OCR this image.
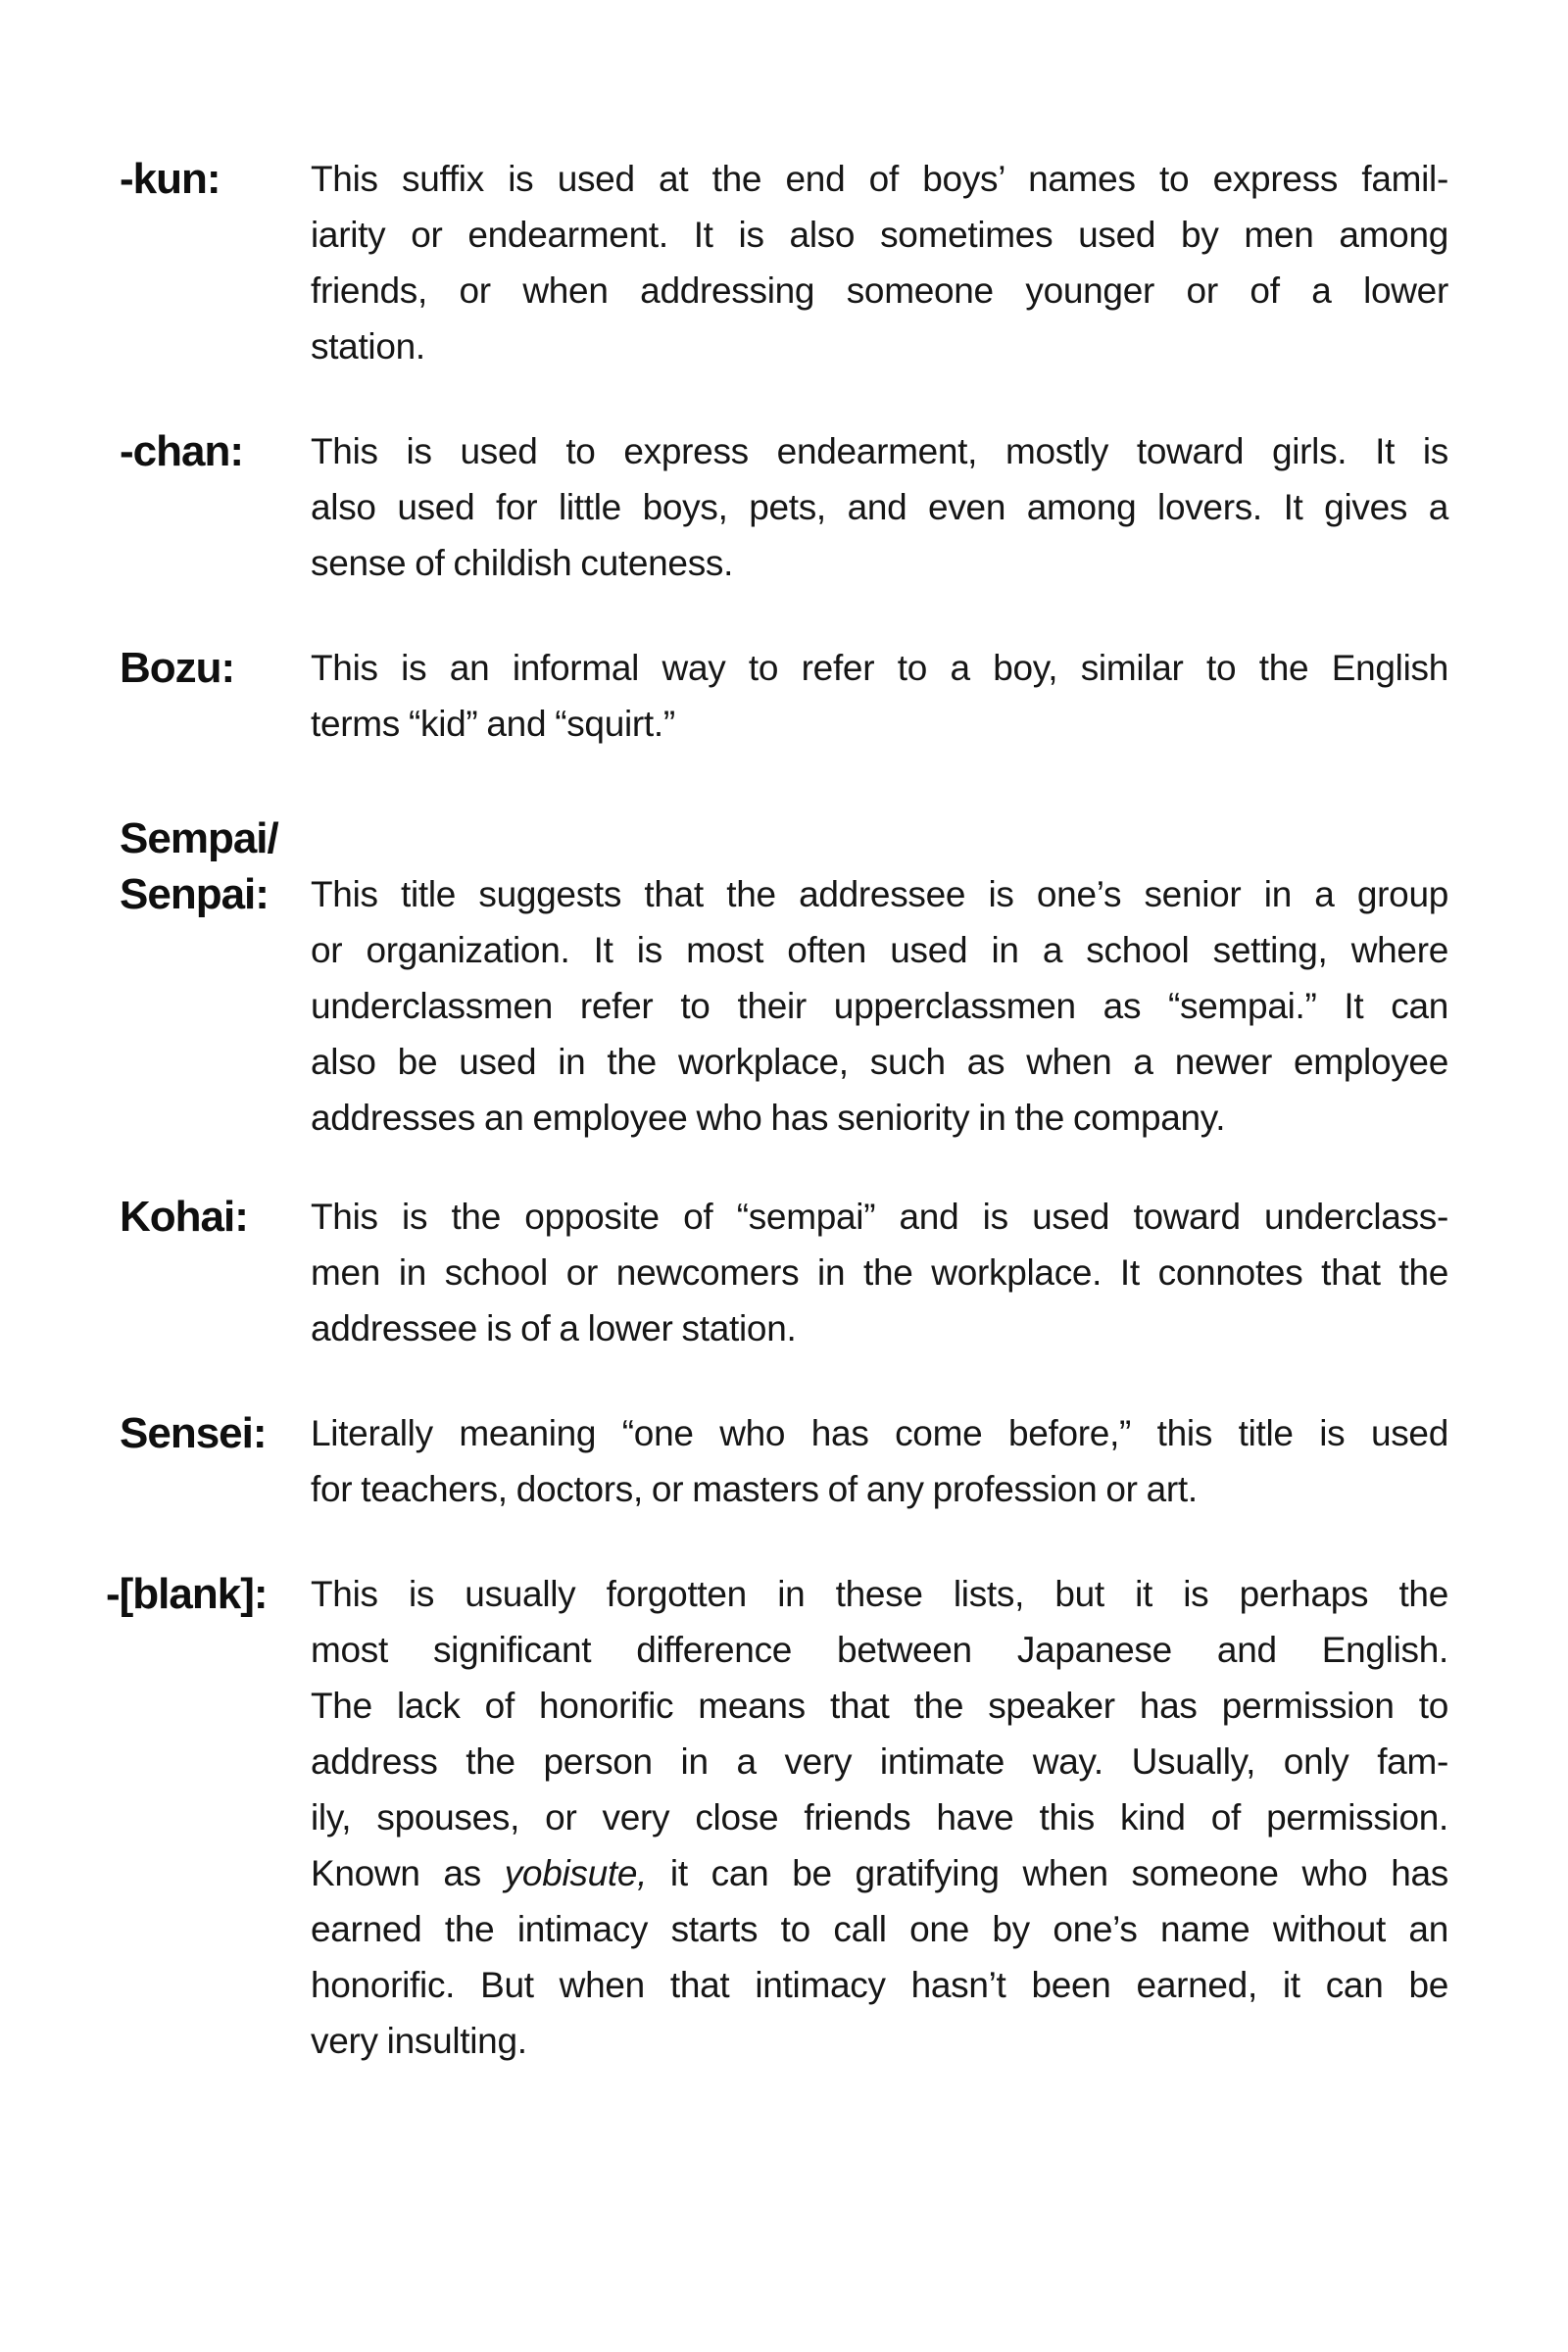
-kun:	This suffix is used at the end of boys’ names to express famil-
iarity or endearment. It is also sometimes used by men among
friends, or when addressing someone younger or of a lower
station.
-chan:	This is used to express endearment, mostly toward girls. It is
also used for little boys, pets, and even among lovers. It gives a
sense of childish cuteness.
Bozu:	This is an informal way to refer to a boy, similar to the English
terms “kid” and “squirt.”
Sempai/
Senpai:	This title suggests that the addressee is one’s senior in a group
or organization. It is most often used in a school setting, where
underclassmen refer to their upperclassmen as “sempai.” It can
also be used in the workplace, such as when a newer employee
addresses an employee who has seniority in the company.
Kohai:	This is the opposite of “sempai” and is used toward underclass-
men in school or newcomers in the workplace. It connotes that the
addressee is of a lower station.
Sensei:	Literally meaning “one who has come before,” this title is used
for teachers, doctors, or masters of any profession or art.
-[blank]:	This is usually forgotten in these lists, but it is perhaps the
most significant difference between Japanese and English.
The lack of honorific means that the speaker has permission to
address the person in a very intimate way. Usually, only fam-
ily, spouses, or very close friends have this kind of permission.
Known as yobisute, it can be gratifying when someone who has
earned the intimacy starts to call one by one’s name without an
honorific. But when that intimacy hasn’t been earned, it can be
very insulting.
